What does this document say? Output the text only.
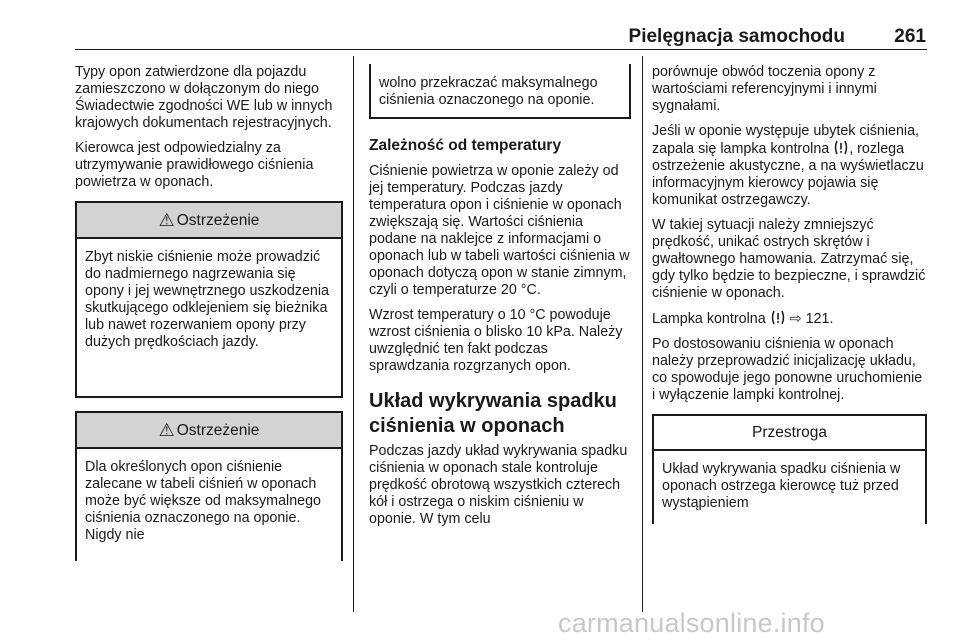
Pielęgnacja samochodu	261

Typy opon zatwierdzone dla pojazdu zamieszczono w dołączonym do niego Świadectwie zgodności WE lub w innych krajowych dokumentach rejestracyjnych.

Kierowca jest odpowiedzialny za utrzymywanie prawidłowego ciśnienia powietrza w oponach.

⚠ Ostrzeżenie

Zbyt niskie ciśnienie może prowadzić do nadmiernego nagrzewania się opony i jej wewnętrznego uszkodzenia skutkującego odklejeniem się bieżnika lub nawet rozerwaniem opony przy dużych prędkościach jazdy.

⚠ Ostrzeżenie

Dla określonych opon ciśnienie zalecane w tabeli ciśnień w oponach może być większe od maksymalnego ciśnienia oznaczonego na oponie. Nigdy nie

wolno przekraczać maksymalnego ciśnienia oznaczonego na oponie.

Zależność od temperatury

Ciśnienie powietrza w oponie zależy od jej temperatury. Podczas jazdy temperatura opon i ciśnienie w oponach zwiększają się. Wartości ciśnienia podane na naklejce z informacjami o oponach lub w tabeli wartości ciśnienia w oponach dotyczą opon w stanie zimnym, czyli o temperaturze 20 °C.

Wzrost temperatury o 10 °C powoduje wzrost ciśnienia o blisko 10 kPa. Należy uwzględnić ten fakt podczas sprawdzania rozgrzanych opon.

Układ wykrywania spadku ciśnienia w oponach

Podczas jazdy układ wykrywania spadku ciśnienia w oponach stale kontroluje prędkość obrotową wszystkich czterech kół i ostrzega o niskim ciśnieniu w oponie. W tym celu

porównuje obwód toczenia opony z wartościami referencyjnymi i innymi sygnałami.

Jeśli w oponie występuje ubytek ciśnienia, zapala się lampka kontrolna , rozlega ostrzeżenie akustyczne, a na wyświetlaczu informacyjnym kierowcy pojawia się komunikat ostrzegawczy.

W takiej sytuacji należy zmniejszyć prędkość, unikać ostrych skrętów i gwałtownego hamowania. Zatrzymać się, gdy tylko będzie to bezpieczne, i sprawdzić ciśnienie w oponach.

Lampka kontrolna ⇨ 121.

Po dostosowaniu ciśnienia w oponach należy przeprowadzić inicjalizację układu, co spowoduje jego ponowne uruchomienie i wyłączenie lampki kontrolnej.

Przestroga

Układ wykrywania spadku ciśnienia w oponach ostrzega kierowcę tuż przed wystąpieniem

carmanualsonline.info
